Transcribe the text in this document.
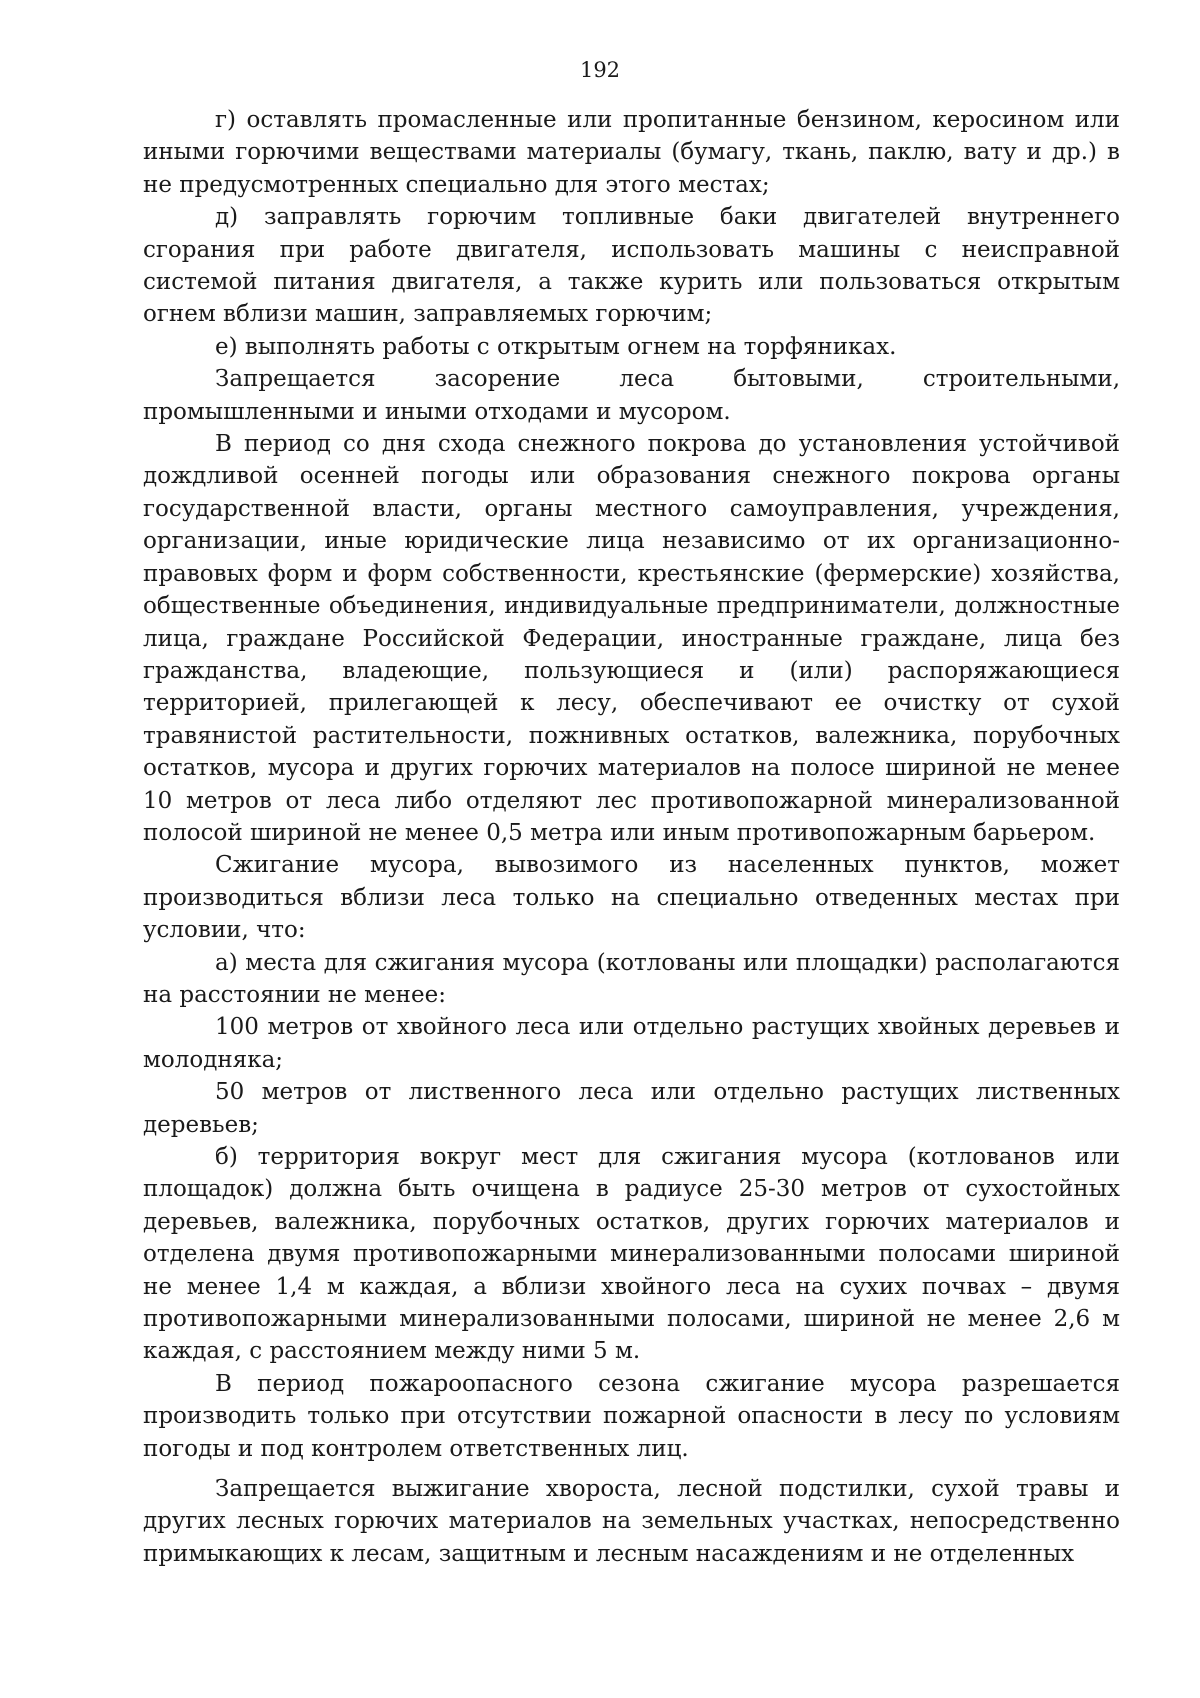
192

г) оставлять промасленные или пропитанные бензином, керосином или иными горючими веществами материалы (бумагу, ткань, паклю, вату и др.) в не предусмотренных специально для этого местах;

д) заправлять горючим топливные баки двигателей внутреннего сгорания при работе двигателя, использовать машины с неисправной системой питания двигателя, а также курить или пользоваться открытым огнем вблизи машин, заправляемых горючим;

е) выполнять работы с открытым огнем на торфяниках.

Запрещается засорение леса бытовыми, строительными, промышленными и иными отходами и мусором.

В период со дня схода снежного покрова до установления устойчивой дождливой осенней погоды или образования снежного покрова органы государственной власти, органы местного самоуправления, учреждения, организации, иные юридические лица независимо от их организационно-правовых форм и форм собственности, крестьянские (фермерские) хозяйства, общественные объединения, индивидуальные предприниматели, должностные лица, граждане Российской Федерации, иностранные граждане, лица без гражданства, владеющие, пользующиеся и (или) распоряжающиеся территорией, прилегающей к лесу, обеспечивают ее очистку от сухой травянистой растительности, пожнивных остатков, валежника, порубочных остатков, мусора и других горючих материалов на полосе шириной не менее 10 метров от леса либо отделяют лес противопожарной минерализованной полосой шириной не менее 0,5 метра или иным противопожарным барьером.

Сжигание мусора, вывозимого из населенных пунктов, может производиться вблизи леса только на специально отведенных местах при условии, что:

а) места для сжигания мусора (котлованы или площадки) располагаются на расстоянии не менее:

100 метров от хвойного леса или отдельно растущих хвойных деревьев и молодняка;

50 метров от лиственного леса или отдельно растущих лиственных деревьев;

б) территория вокруг мест для сжигания мусора (котлованов или площадок) должна быть очищена в радиусе 25-30 метров от сухостойных деревьев, валежника, порубочных остатков, других горючих материалов и отделена двумя противопожарными минерализованными полосами шириной не менее 1,4 м каждая, а вблизи хвойного леса на сухих почвах – двумя противопожарными минерализованными полосами, шириной не менее 2,6 м каждая, с расстоянием между ними 5 м.

В период пожароопасного сезона сжигание мусора разрешается производить только при отсутствии пожарной опасности в лесу по условиям погоды и под контролем ответственных лиц.

Запрещается выжигание хвороста, лесной подстилки, сухой травы и других лесных горючих материалов на земельных участках, непосредственно примыкающих к лесам, защитным и лесным насаждениям и не отделенных
